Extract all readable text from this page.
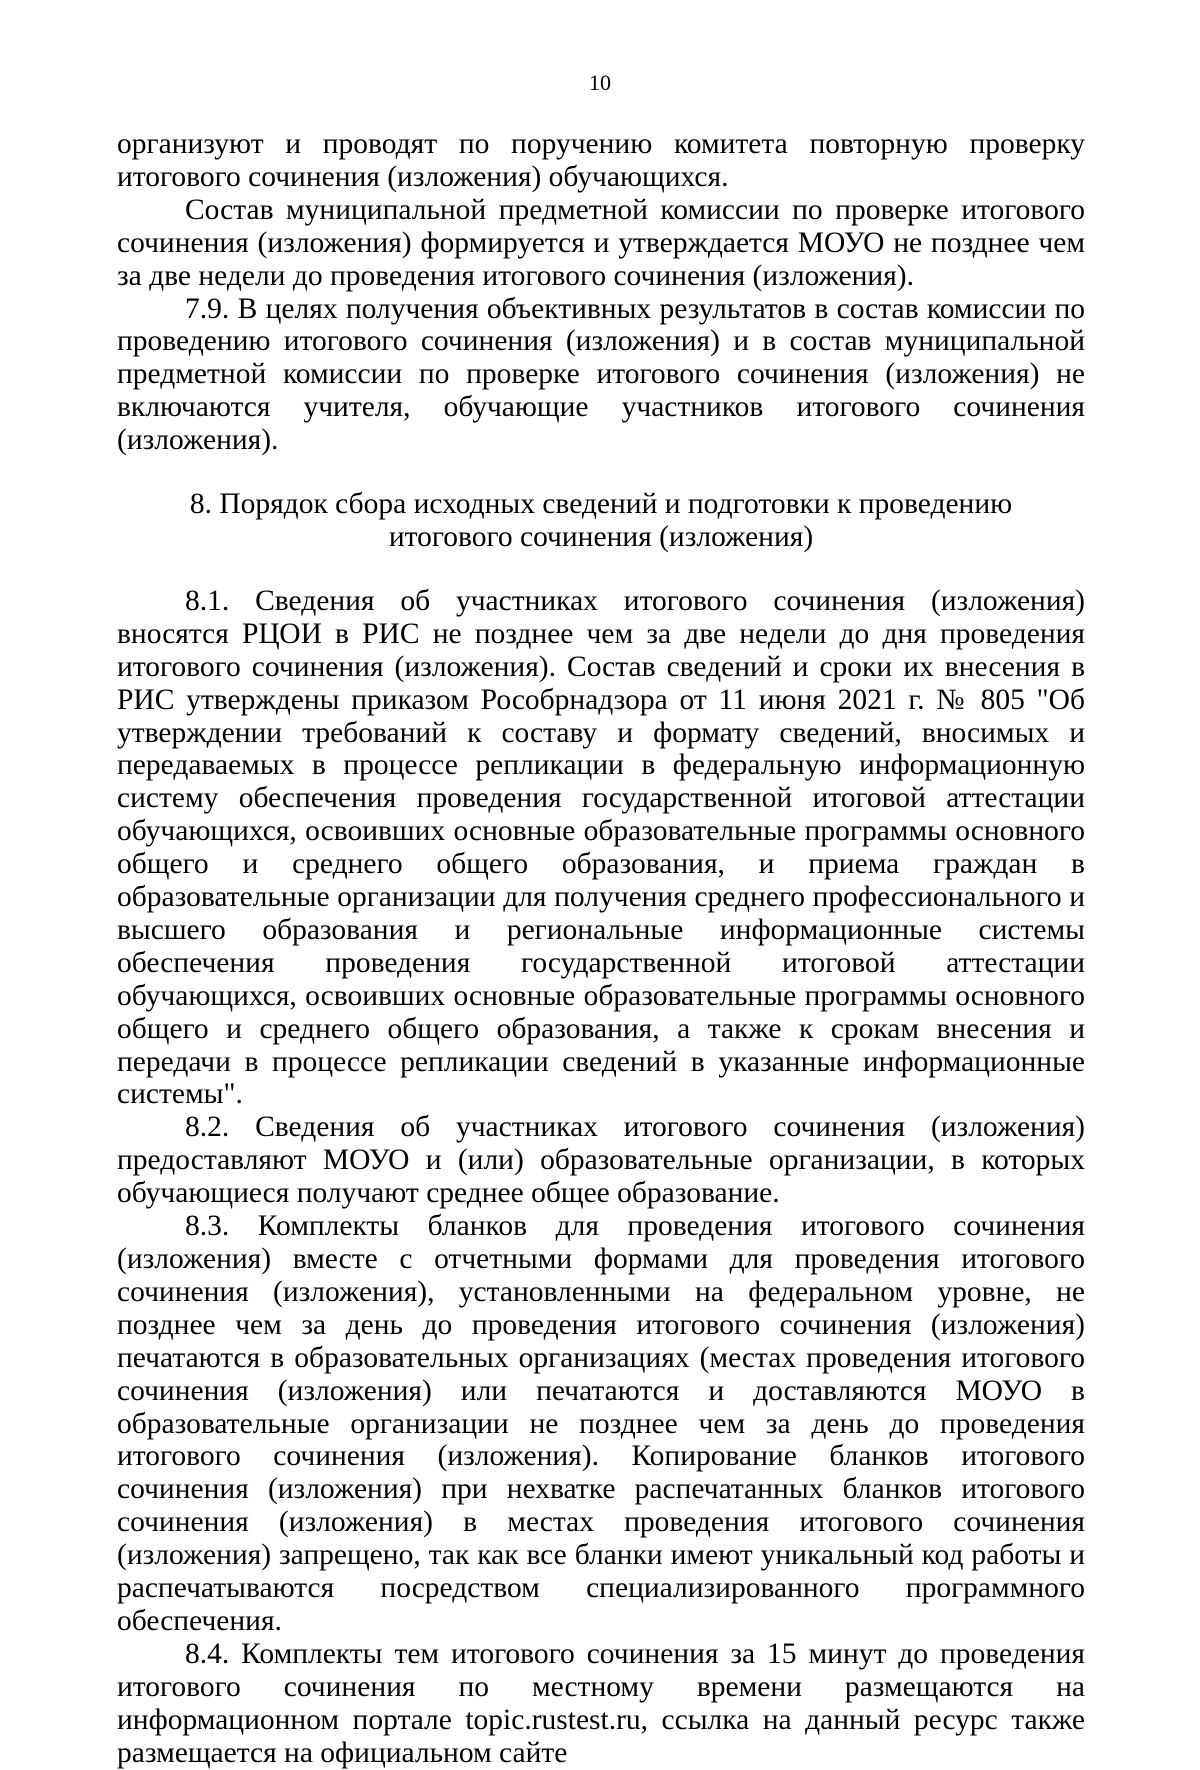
10

организуют и проводят по поручению комитета повторную проверку итогового сочинения (изложения) обучающихся.

Состав муниципальной предметной комиссии по проверке итогового сочинения (изложения) формируется и утверждается МОУО не позднее чем за две недели до проведения итогового сочинения (изложения).

7.9. В целях получения объективных результатов в состав комиссии по проведению итогового сочинения (изложения) и в состав муниципальной предметной комиссии по проверке итогового сочинения (изложения) не включаются учителя, обучающие участников итогового сочинения (изложения).

8. Порядок сбора исходных сведений и подготовки к проведению
итогового сочинения (изложения)

8.1. Сведения об участниках итогового сочинения (изложения) вносятся РЦОИ в РИС не позднее чем за две недели до дня проведения итогового сочинения (изложения). Состав сведений и сроки их внесения в РИС утверждены приказом Рособрнадзора от 11 июня 2021 г. № 805 "Об утверждении требований к составу и формату сведений, вносимых и передаваемых в процессе репликации в федеральную информационную систему обеспечения проведения государственной итоговой аттестации обучающихся, освоивших основные образовательные программы основного общего и среднего общего образования, и приема граждан в образовательные организации для получения среднего профессионального и высшего образования и региональные информационные системы обеспечения проведения государственной итоговой аттестации обучающихся, освоивших основные образовательные программы основного общего и среднего общего образования, а также к срокам внесения и передачи в процессе репликации сведений в указанные информационные системы".

8.2. Сведения об участниках итогового сочинения (изложения) предоставляют МОУО и (или) образовательные организации, в которых обучающиеся получают среднее общее образование.

8.3. Комплекты бланков для проведения итогового сочинения (изложения) вместе с отчетными формами для проведения итогового сочинения (изложения), установленными на федеральном уровне, не позднее чем за день до проведения итогового сочинения (изложения) печатаются в образовательных организациях (местах проведения итогового сочинения (изложения) или печатаются и доставляются МОУО в образовательные организации не позднее чем за день до проведения итогового сочинения (изложения). Копирование бланков итогового сочинения (изложения) при нехватке распечатанных бланков итогового сочинения (изложения) в местах проведения итогового сочинения (изложения) запрещено, так как все бланки имеют уникальный код работы и распечатываются посредством специализированного программного обеспечения.

8.4. Комплекты тем итогового сочинения за 15 минут до проведения итогового сочинения по местному времени размещаются на информационном портале topic.rustest.ru, ссылка на данный ресурс также размещается на официальном сайте
